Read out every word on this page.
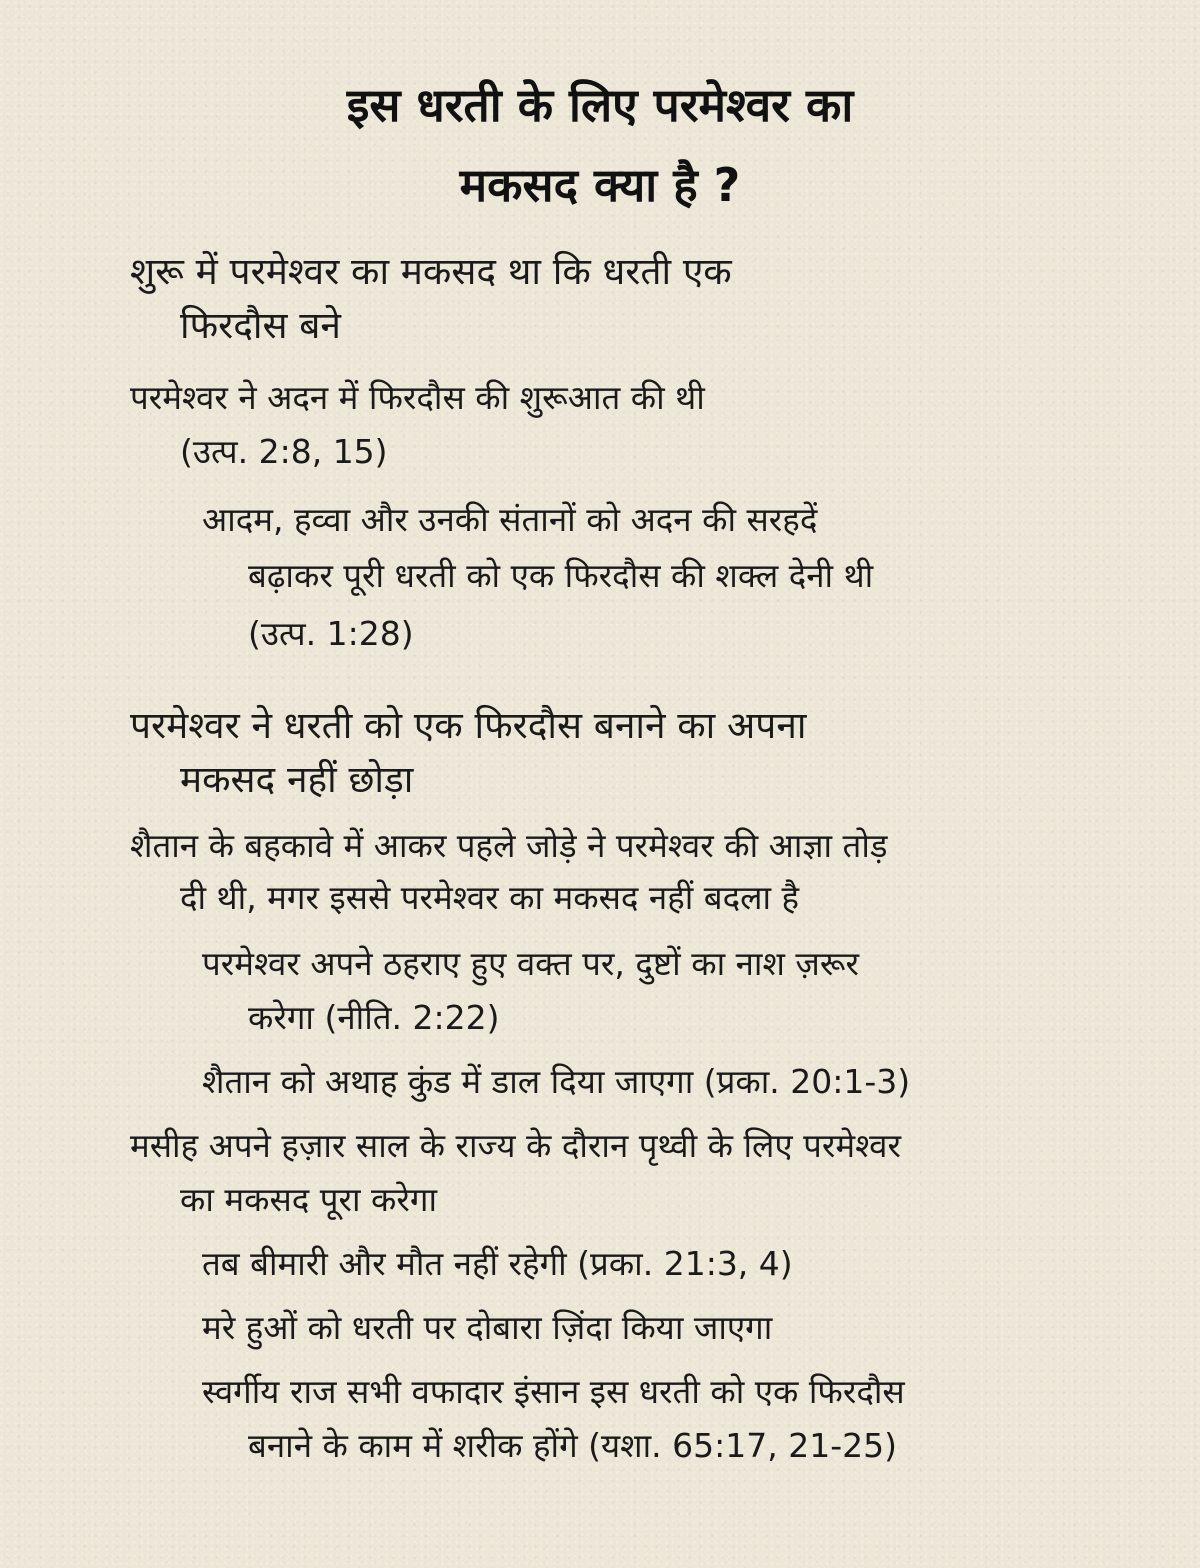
इस धरती के लिए परमेश्वर का
मकसद क्या है ?

शुरू में परमेश्वर का मकसद था कि धरती एक

फिरदौस बने

परमेश्वर ने अदन में फिरदौस की शुरूआत की थी

(उत्प. 2:8, 15)

आदम, हव्वा और उनकी संतानों को अदन की सरहदें

बढ़ाकर पूरी धरती को एक फिरदौस की शक्ल देनी थी

(उत्प. 1:28)

परमेश्वर ने धरती को एक फिरदौस बनाने का अपना

मकसद नहीं छोड़ा

शैतान के बहकावे में आकर पहले जोड़े ने परमेश्वर की आज्ञा तोड़

दी थी, मगर इससे परमेश्वर का मकसद नहीं बदला है

परमेश्वर अपने ठहराए हुए वक्त पर, दुष्टों का नाश ज़रूर

करेगा (नीति. 2:22)

शैतान को अथाह कुंड में डाल दिया जाएगा (प्रका. 20:1-3)

मसीह अपने हज़ार साल के राज्य के दौरान पृथ्वी के लिए परमेश्वर

का मकसद पूरा करेगा

तब बीमारी और मौत नहीं रहेगी (प्रका. 21:3, 4)

मरे हुओं को धरती पर दोबारा ज़िंदा किया जाएगा

स्वर्गीय राज सभी वफादार इंसान इस धरती को एक फिरदौस

बनाने के काम में शरीक होंगे (यशा. 65:17, 21-25)
